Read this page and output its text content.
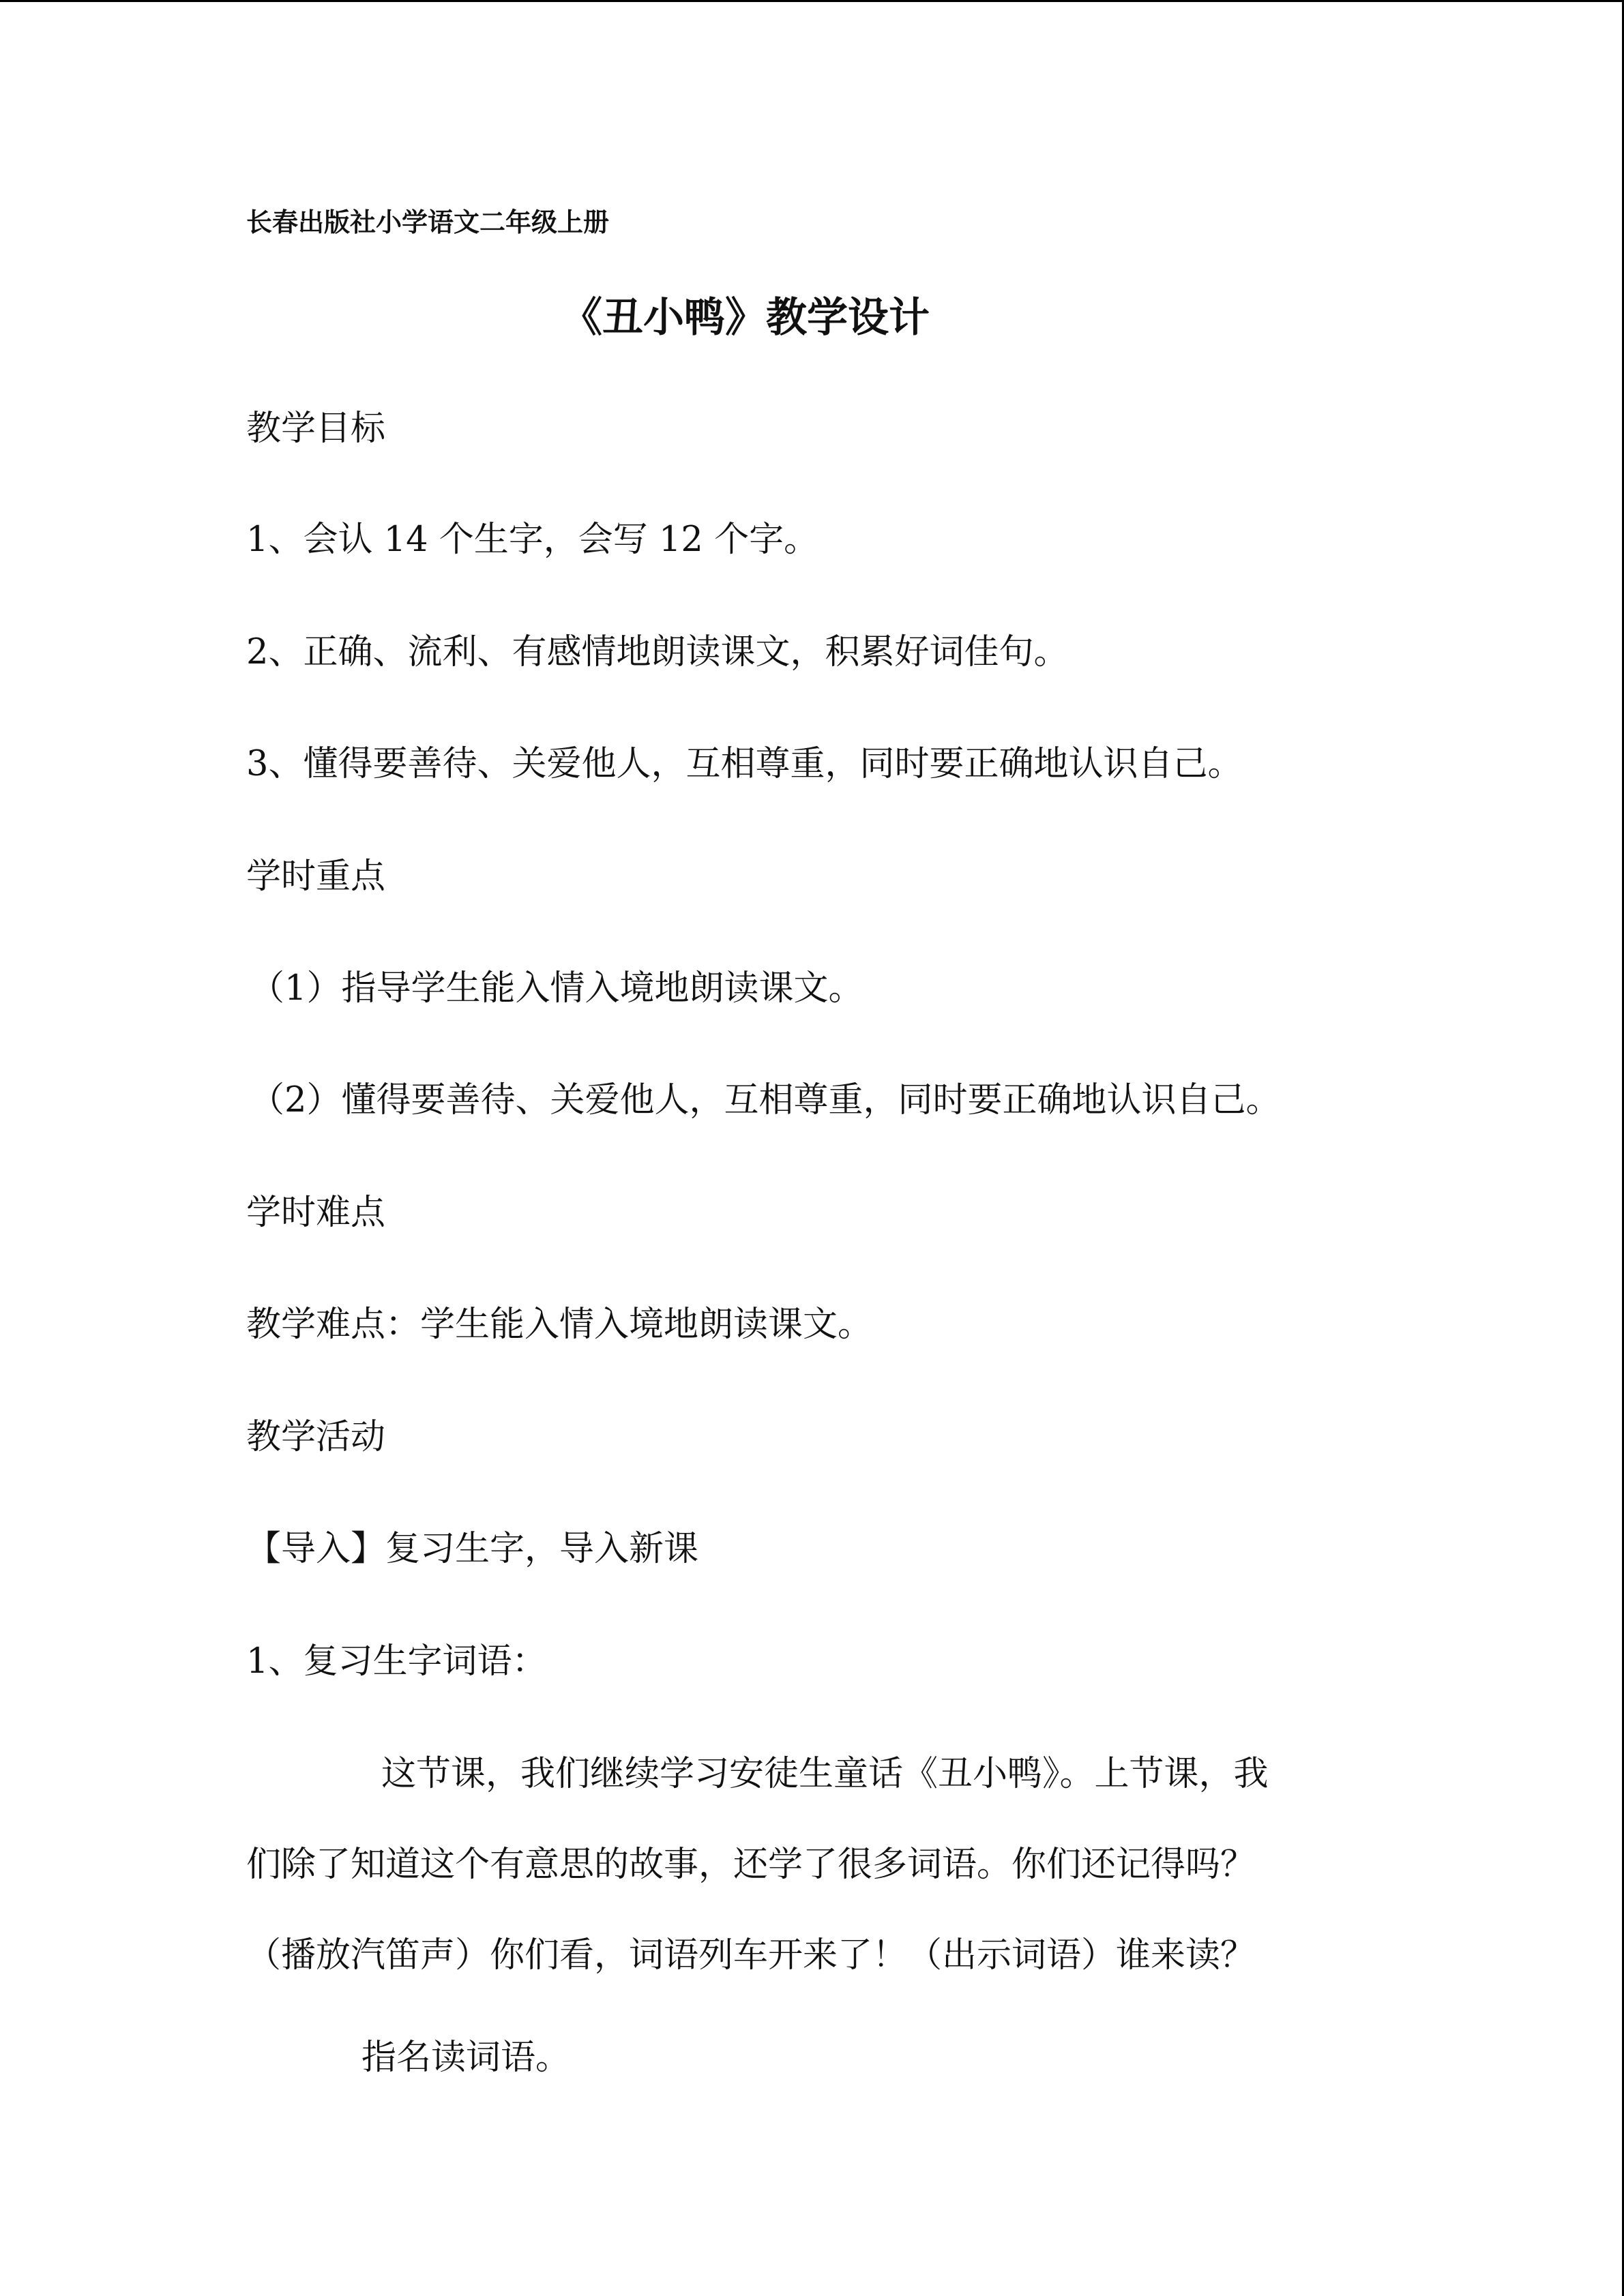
长春出版社小学语文二年级上册
《丑小鸭》教学设计
教学目标
1、会认 14 个生字，会写 12 个字。
2、正确、流利、有感情地朗读课文，积累好词佳句。
3、懂得要善待、关爱他人，互相尊重，同时要正确地认识自己。
学时重点
（1）指导学生能入情入境地朗读课文。
（2）懂得要善待、关爱他人，互相尊重，同时要正确地认识自己。
学时难点
教学难点：学生能入情入境地朗读课文。
教学活动
【导入】复习生字，导入新课
1、复习生字词语：
这节课，我们继续学习安徒生童话《丑小鸭》。上节课，我
们除了知道这个有意思的故事，还学了很多词语。你们还记得吗？
（播放汽笛声）你们看，词语列车开来了！（出示词语）谁来读？
指名读词语。
